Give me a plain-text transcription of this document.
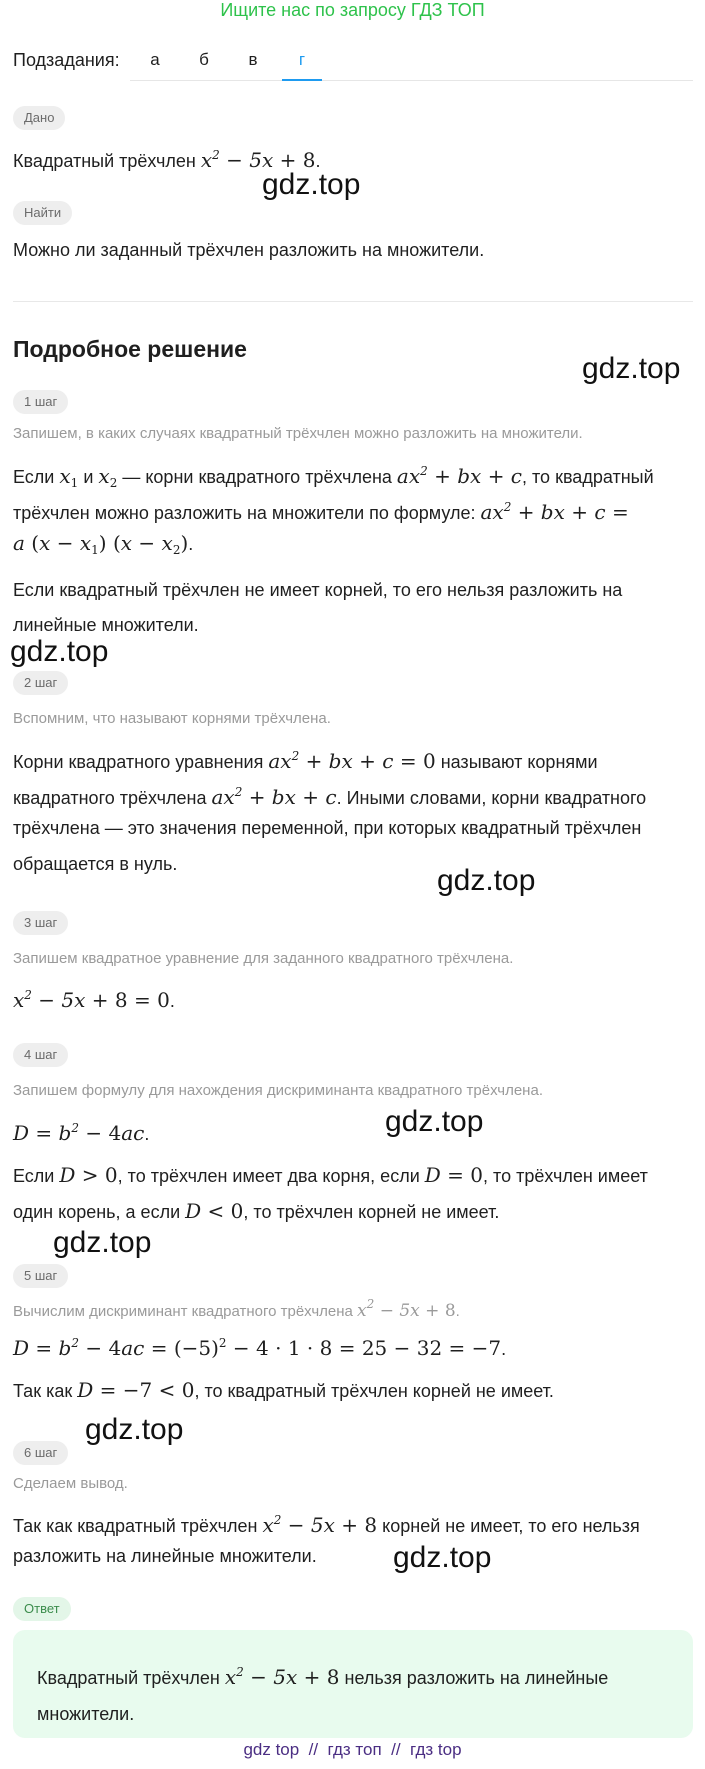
Ищите нас по запросу ГДЗ ТОП
Подзадания:	а	б	в	г
Дано
Квадратный трёхчлен $x^2 - 5x + 8$.
gdz.top
Найти
Можно ли заданный трёхчлен разложить на множители.
Подробное решение
gdz.top
1 шаг
Запишем, в каких случаях квадратный трёхчлен можно разложить на множители.
Если $x_1$ и $x_2$ — корни квадратного трёхчлена $ax^2$ + bx + c, то квадратный
трёхчлен можно разложить на множители по формуле: $ax^2$ + bx + c =
a $(x - x_1)$ $(x - x_2)$.
Если квадратный трёхчлен не имеет корней, то его нельзя разложить на
линейные множители.
gdz.top
2 шаг
Вспомним, что называют корнями трёхчлена.
Корни квадратного уравнения $ax^2$ + bx + c = 0 называют корнями
квадратного трёхчлена $ax^2$ + bx + c. Иными словами, корни квадратного
трёхчлена — это значения переменной, при которых квадратный трёхчлен
обращается в нуль.	gdz.top
3 шаг
Запишем квадратное уравнение для заданного квадратного трёхчлена.
$x^2 - 5x + 8 = 0$.
4 шаг
Запишем формулу для нахождения дискриминанта квадратного трёхчлена.
$D = b^2 - 4ac$.	gdz.top
Если D > 0, то трёхчлен имеет два корня, если D = 0, то трёхчлен имеет
один корень, а если D < 0, то трёхчлен корней не имеет.
gdz.top
5 шаг
Вычислим дискриминант квадратного трёхчлена $x^2 - 5x + 8$.
$D = b^2 - 4ac = (-5)^2 - 4 \cdot 1 \cdot 8 = 25 - 32 = -7$.
Так как D = −7 < 0, то квадратный трёхчлен корней не имеет.
gdz.top
6 шаг
Сделаем вывод.
Так как квадратный трёхчлен $x^2 - 5x + 8$ корней не имеет, то его нельзя
разложить на линейные множители.	gdz.top
Ответ
Квадратный трёхчлен $x^2 - 5x + 8$ нельзя разложить на линейные
множители.
gdz top  //  гдз топ  //  гдз top
